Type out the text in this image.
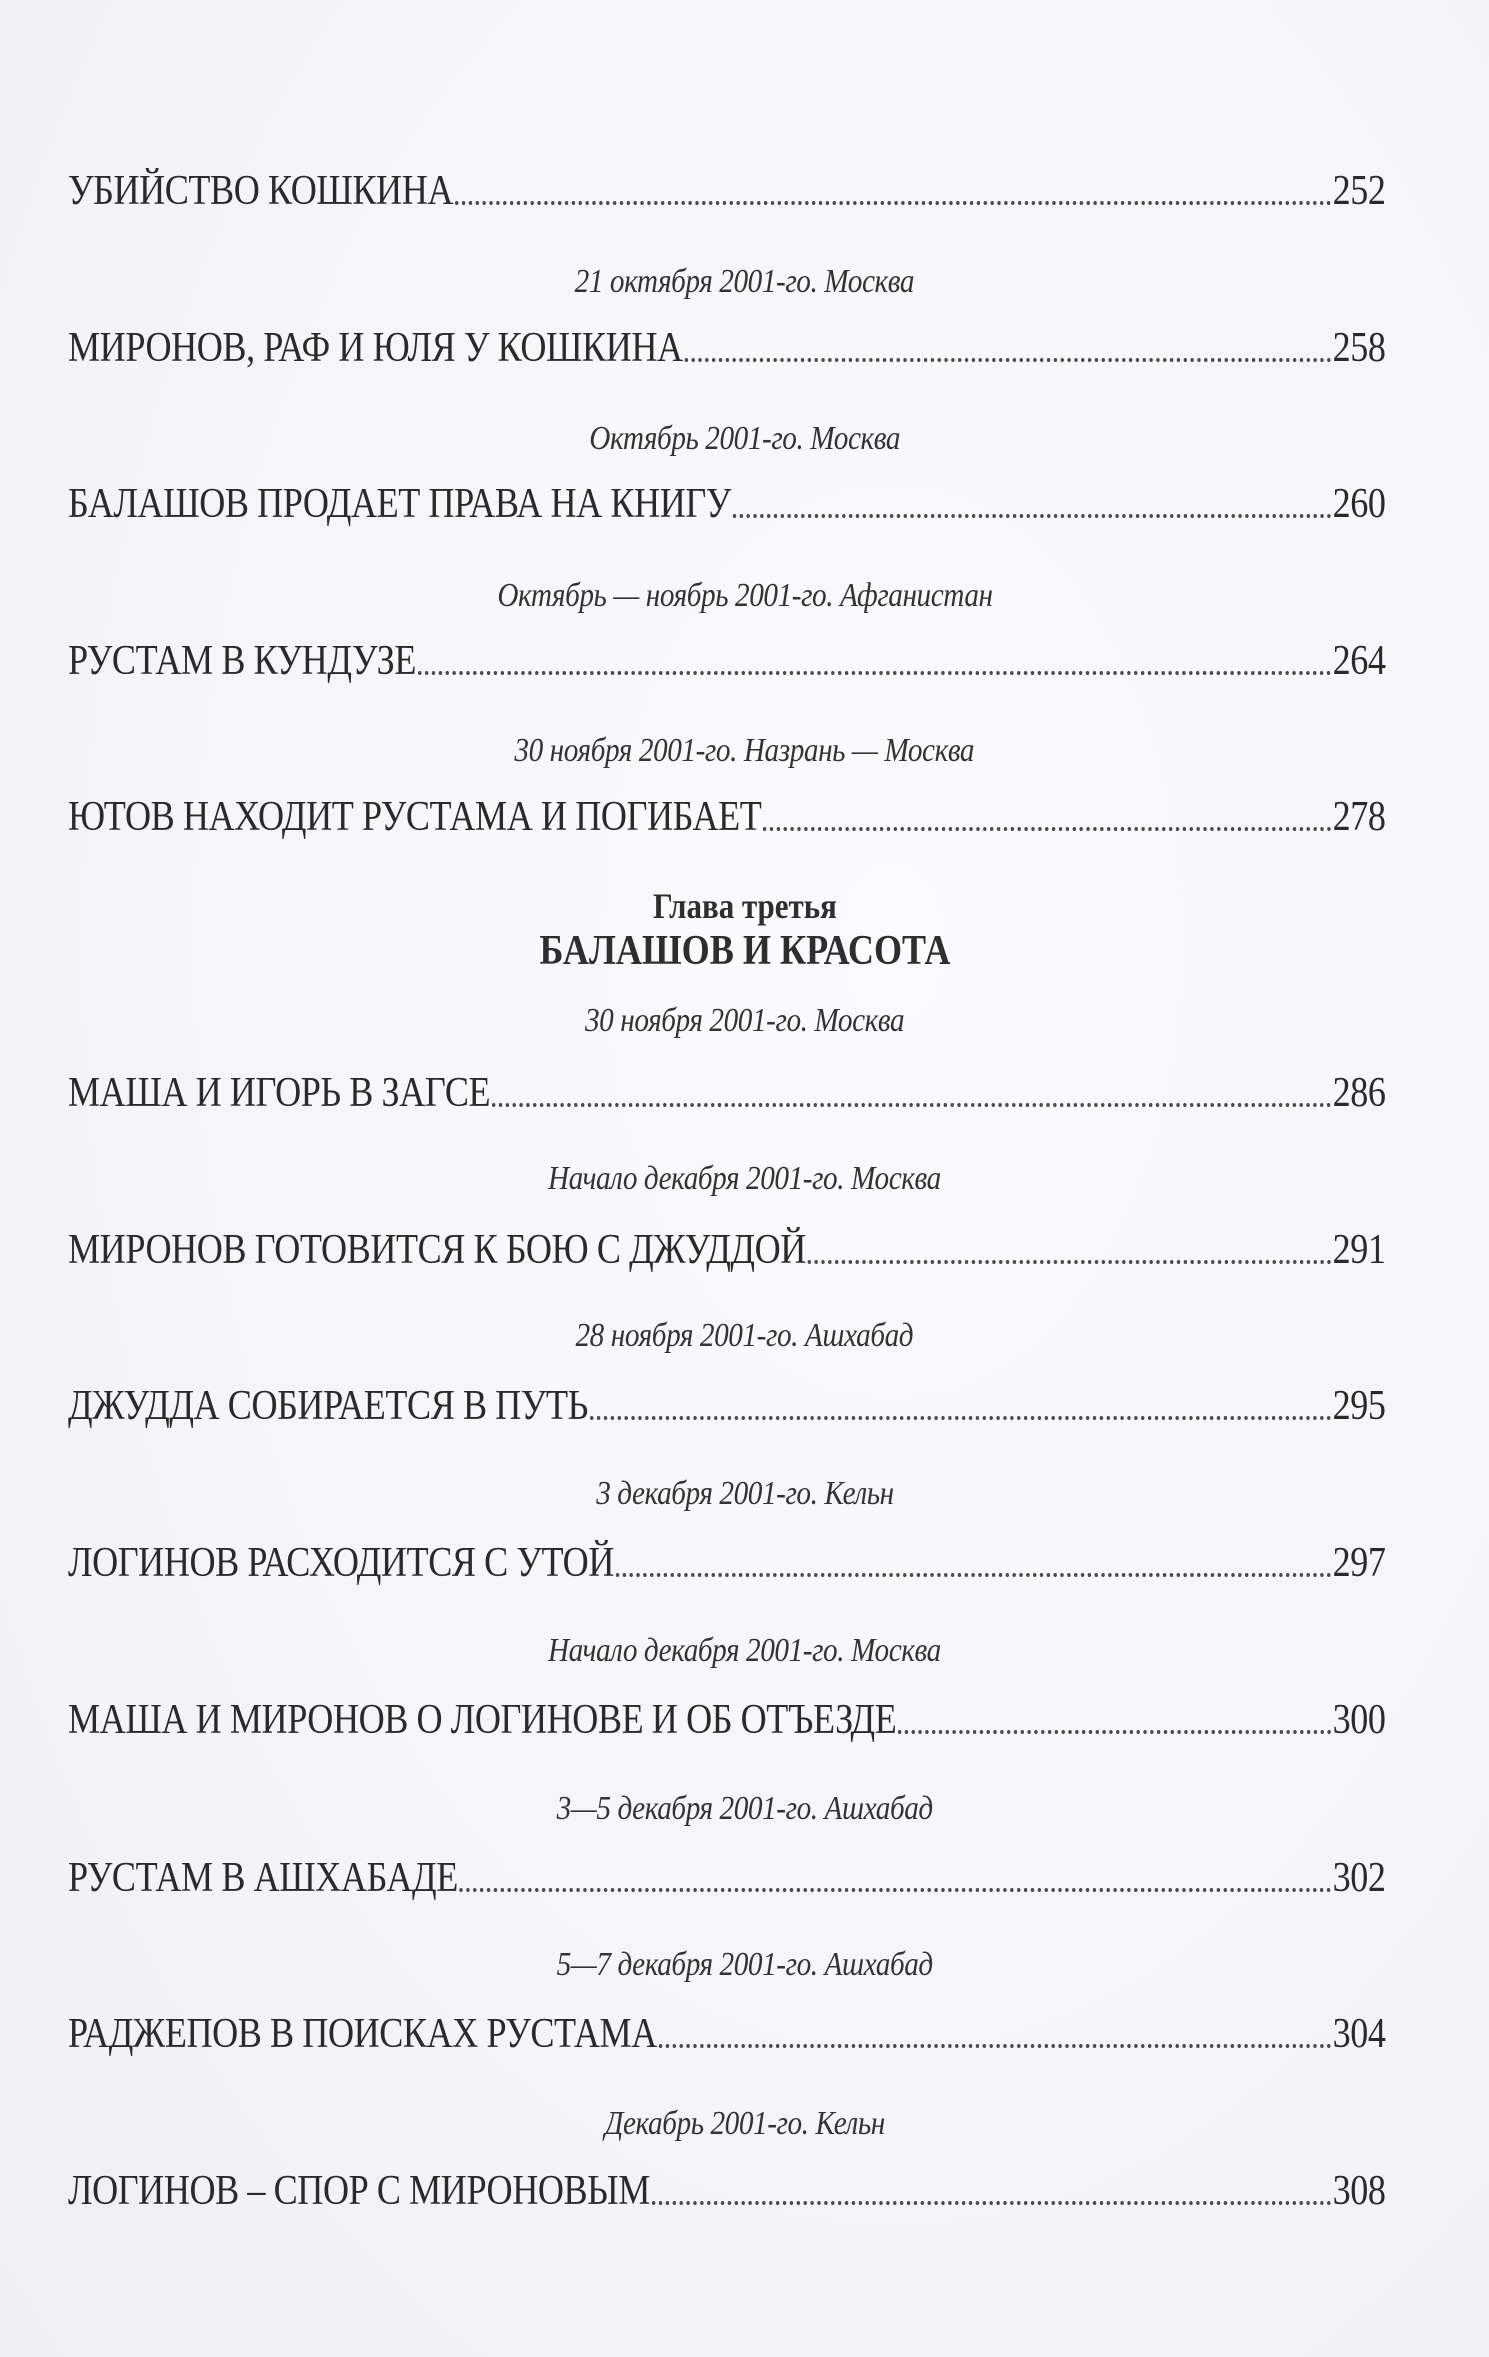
УБИЙСТВО КОШКИНА	252
21 октября 2001-го. Москва
МИРОНОВ, РАФ И ЮЛЯ У КОШКИНА	258
Октябрь 2001-го. Москва
БАЛАШОВ ПРОДАЕТ ПРАВА НА КНИГУ	260
Октябрь — ноябрь 2001-го. Афганистан
РУСТАМ В КУНДУЗЕ	264
30 ноября 2001-го. Назрань — Москва
ЮТОВ НАХОДИТ РУСТАМА И ПОГИБАЕТ	278
Глава третья
БАЛАШОВ И КРАСОТА
30 ноября 2001-го. Москва
МАША И ИГОРЬ В ЗАГСЕ	286
Начало декабря 2001-го. Москва
МИРОНОВ ГОТОВИТСЯ К БОЮ С ДЖУДДОЙ	291
28 ноября 2001-го. Ашхабад
ДЖУДДА СОБИРАЕТСЯ В ПУТЬ	295
3 декабря 2001-го. Кельн
ЛОГИНОВ РАСХОДИТСЯ С УТОЙ	297
Начало декабря 2001-го. Москва
МАША И МИРОНОВ О ЛОГИНОВЕ И ОБ ОТЪЕЗДЕ	300
3—5 декабря 2001-го. Ашхабад
РУСТАМ В АШХАБАДЕ	302
5—7 декабря 2001-го. Ашхабад
РАДЖЕПОВ В ПОИСКАХ РУСТАМА	304
Декабрь 2001-го. Кельн
ЛОГИНОВ – СПОР С МИРОНОВЫМ	308
